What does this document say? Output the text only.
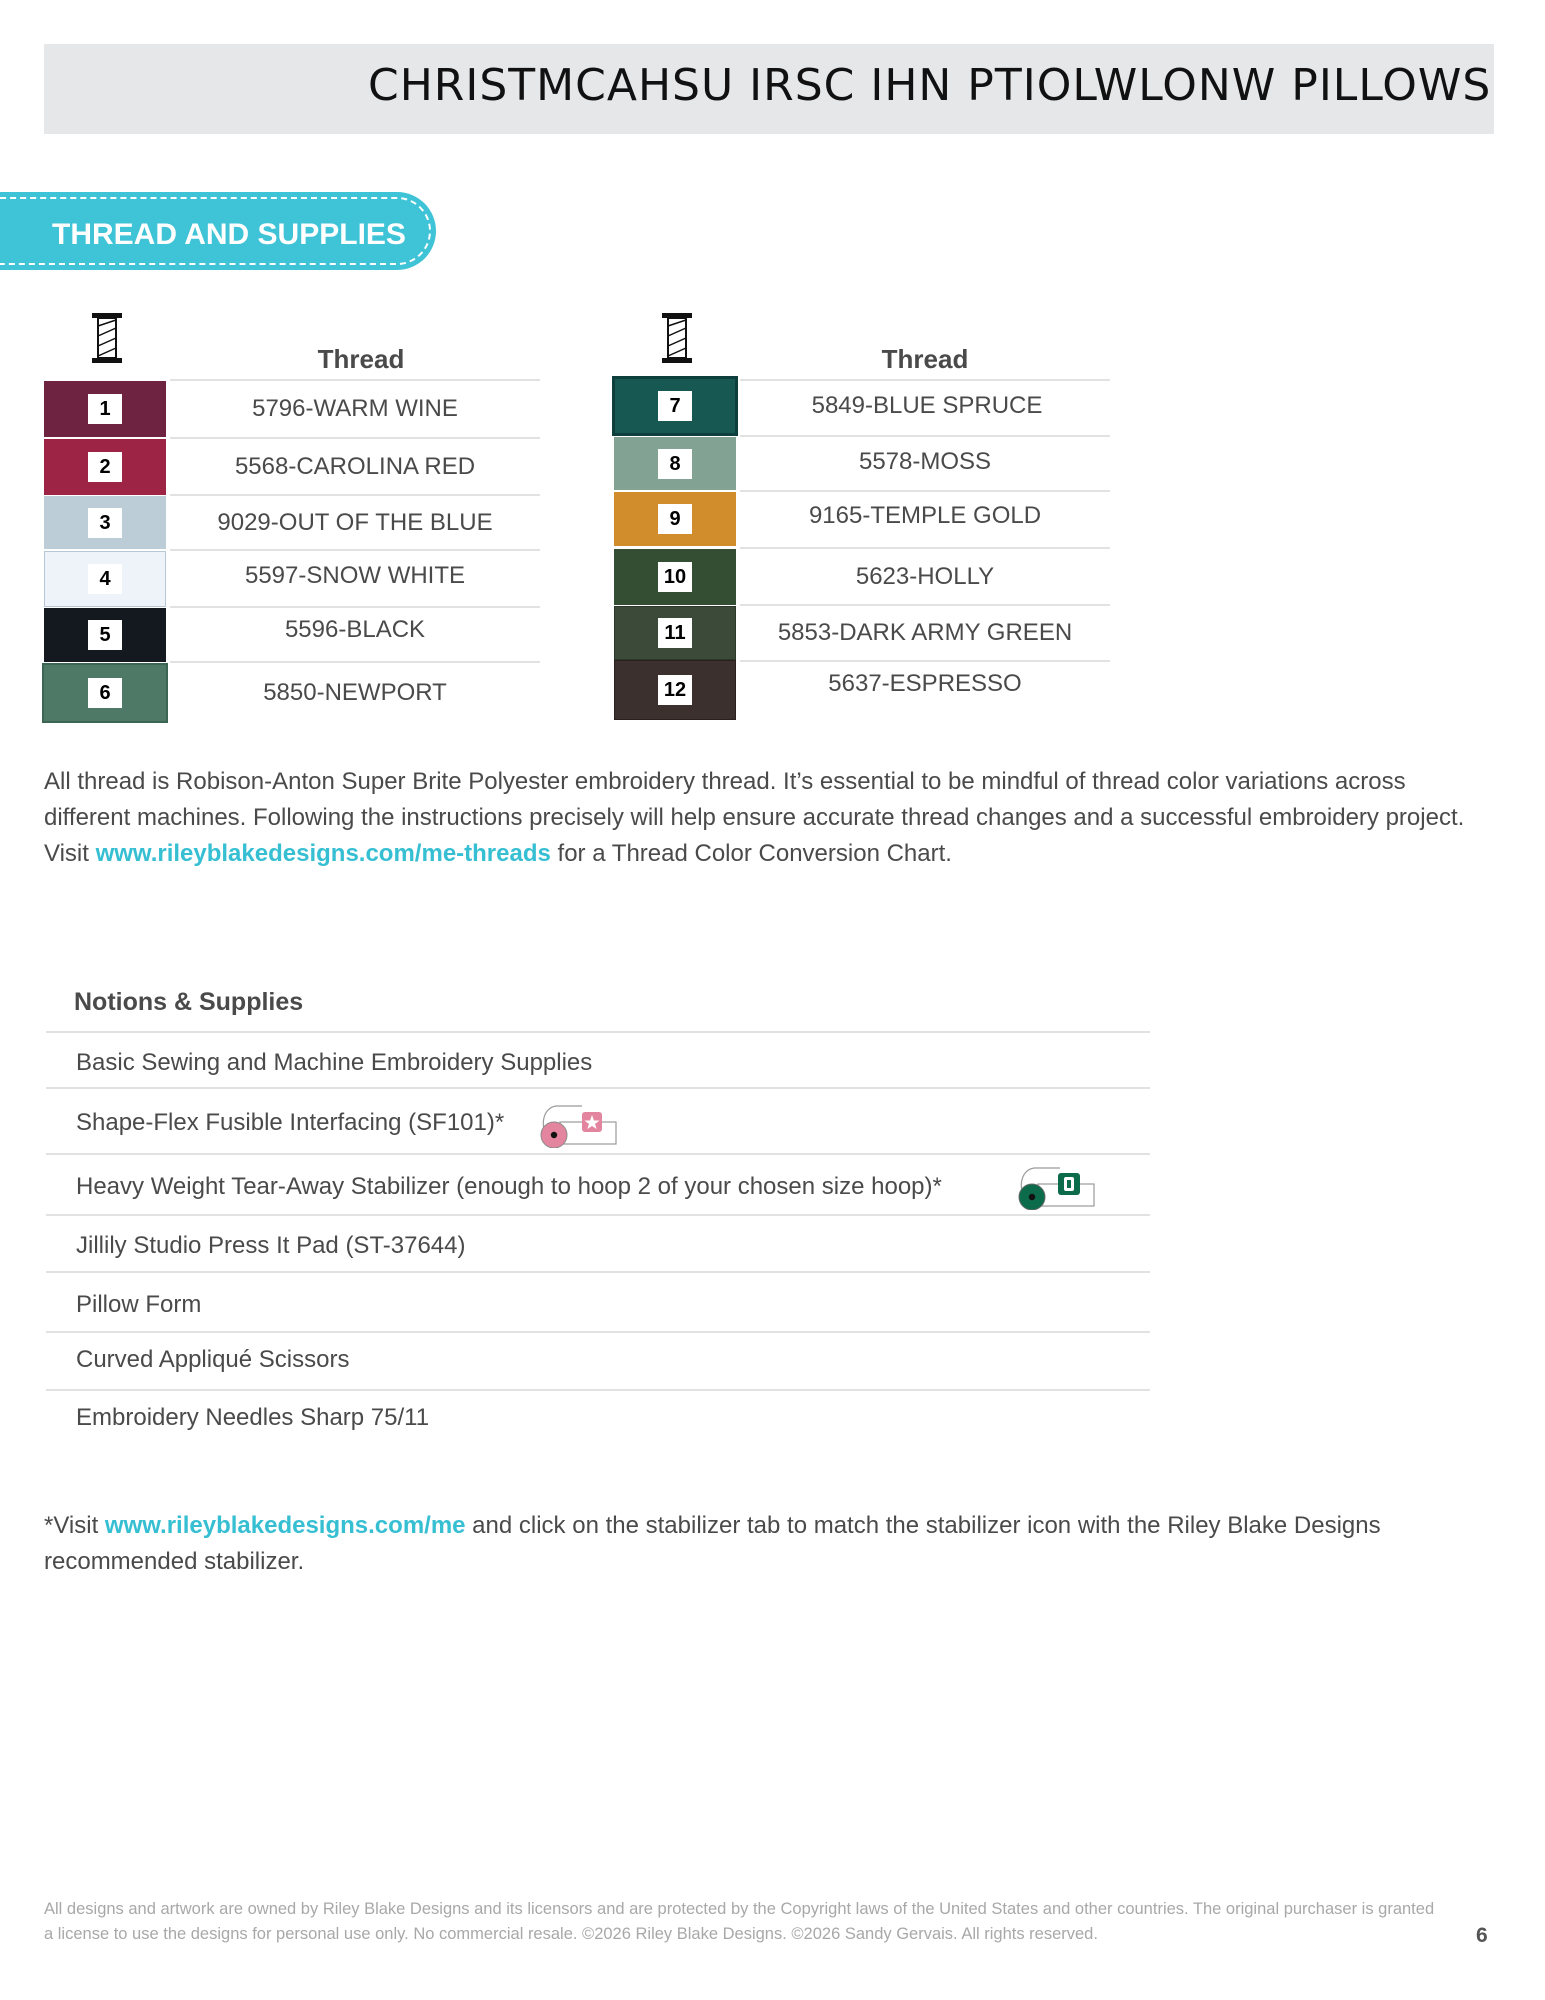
CHRISTMCAHSU IRSC IHN PTIOLWLONW PILLOWS
THREAD AND SUPPLIES
Thread	Thread
1	5796-WARM WINE
2	5568-CAROLINA RED
3	9029-OUT OF THE BLUE
4	5597-SNOW WHITE
5	5596-BLACK
6	5850-NEWPORT
7	5849-BLUE SPRUCE
8	5578-MOSS
9	9165-TEMPLE GOLD
10	5623-HOLLY
11	5853-DARK ARMY GREEN
12	5637-ESPRESSO
All thread is Robison-Anton Super Brite Polyester embroidery thread. It’s essential to be mindful of thread color variations across different machines. Following the instructions precisely will help ensure accurate thread changes and a successful embroidery project. Visit www.rileyblakedesigns.com/me-threads for a Thread Color Conversion Chart.
Notions & Supplies
Basic Sewing and Machine Embroidery Supplies
Shape-Flex Fusible Interfacing (SF101)*
Heavy Weight Tear-Away Stabilizer (enough to hoop 2 of your chosen size hoop)*
Jillily Studio Press It Pad (ST-37644)
Pillow Form
Curved Appliqué Scissors
Embroidery Needles Sharp 75/11
*Visit www.rileyblakedesigns.com/me and click on the stabilizer tab to match the stabilizer icon with the Riley Blake Designs recommended stabilizer.
All designs and artwork are owned by Riley Blake Designs and its licensors and are protected by the Copyright laws of the United States and other countries. The original purchaser is granted a license to use the designs for personal use only. No commercial resale. ©2026 Riley Blake Designs. ©2026 Sandy Gervais. All rights reserved.	6
